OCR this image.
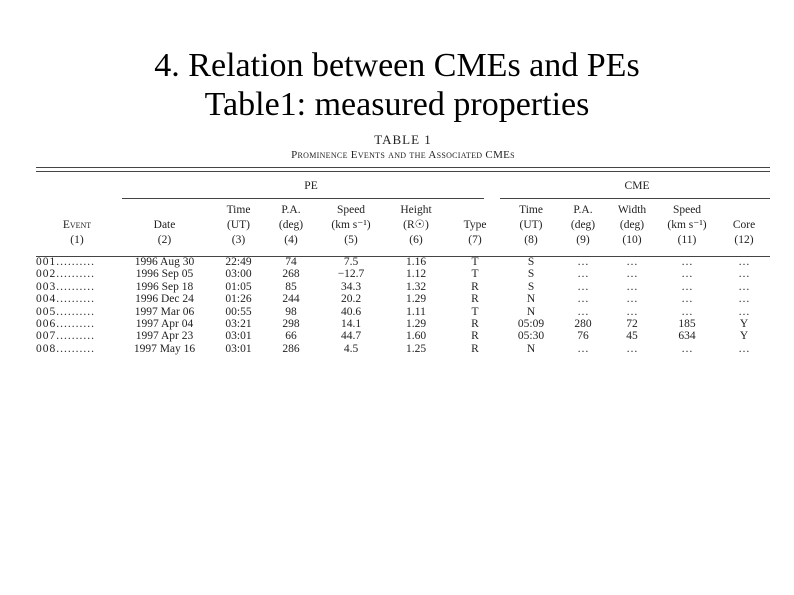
4. Relation between CMEs and PEs
Table1: measured properties
TABLE 1
Prominence Events and the Associated CMEs
	PE						CME				

		Time	P.A.	Speed	Height		Time	P.A.	Width	Speed	
Event	Date	(UT)	(deg)	(km s⁻¹)	(R☉)	Type	(UT)	(deg)	(deg)	(km s⁻¹)	Core
(1)	(2)	(3)	(4)	(5)	(6)	(7)	(8)	(9)	(10)	(11)	(12)

001..........	1996 Aug 30	22:49	74	7.5	1.16	T	S	…	…	…	…
002..........	1996 Sep 05	03:00	268	−12.7	1.12	T	S	…	…	…	…
003..........	1996 Sep 18	01:05	85	34.3	1.32	R	S	…	…	…	…
004..........	1996 Dec 24	01:26	244	20.2	1.29	R	N	…	…	…	…
005..........	1997 Mar 06	00:55	98	40.6	1.11	T	N	…	…	…	…
006..........	1997 Apr 04	03:21	298	14.1	1.29	R	05:09	280	72	185	Y
007..........	1997 Apr 23	03:01	66	44.7	1.60	R	05:30	76	45	634	Y
008..........	1997 May 16	03:01	286	4.5	1.25	R	N	…	…	…	…
